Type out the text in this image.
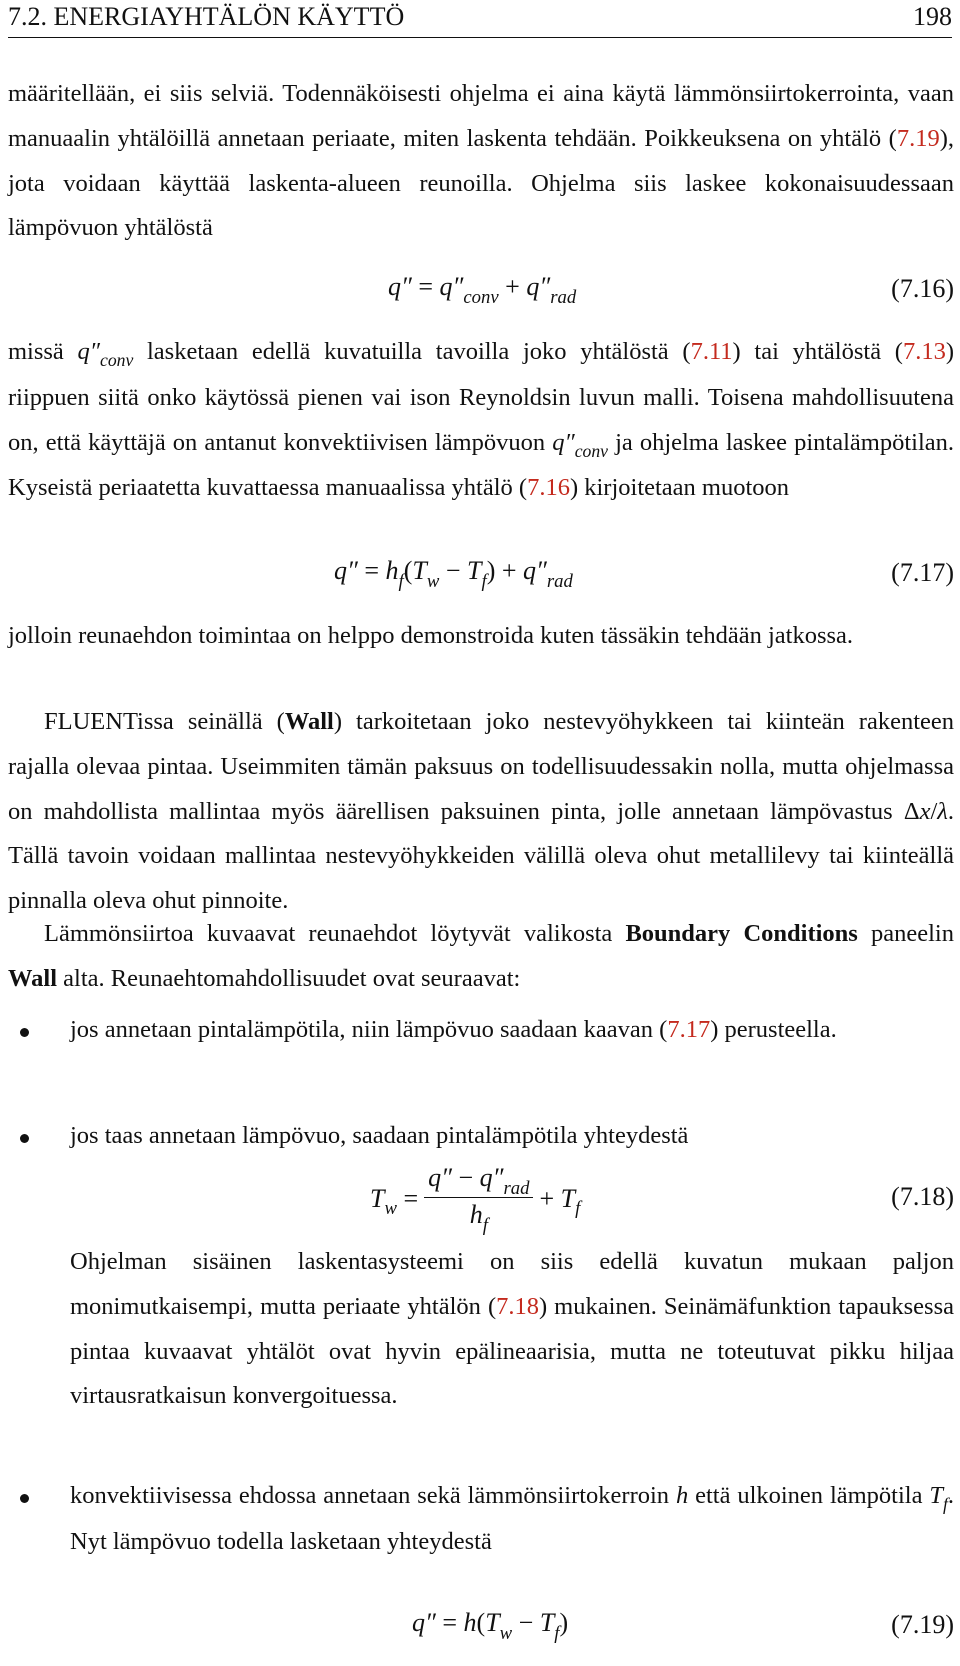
7.2. ENERGIAYHTÄLÖN KÄYTTÖ	198
määritellään, ei siis selviä. Todennäköisesti ohjelma ei aina käytä lämmönsiirtokerrointa, vaan manuaalin yhtälöillä annetaan periaate, miten laskenta tehdään. Poikkeuksena on yhtälö (7.19), jota voidaan käyttää laskenta-alueen reunoilla. Ohjelma siis laskee kokonaisuudessaan lämpövuon yhtälöstä
$q'' = q''_{conv} + q''_{rad}$	(7.16)
missä $q''_{conv}$ lasketaan edellä kuvatuilla tavoilla joko yhtälöstä (7.11) tai yhtälöstä (7.13) riippuen siitä onko käytössä pienen vai ison Reynoldsin luvun malli. Toisena mahdollisuutena on, että käyttäjä on antanut konvektiivisen lämpövuon $q''_{conv}$ ja ohjelma laskee pintalämpötilan. Kyseistä periaatetta kuvattaessa manuaalissa yhtälö (7.16) kirjoitetaan muotoon
$q'' = h_f(T_w - T_f) + q''_{rad}$	(7.17)
jolloin reunaehdon toimintaa on helppo demonstroida kuten tässäkin tehdään jatkossa.
FLUENTissa seinällä (Wall) tarkoitetaan joko nestevyöhykkeen tai kiinteän rakenteen rajalla olevaa pintaa. Useimmiten tämän paksuus on todellisuudessakin nolla, mutta ohjelmassa on mahdollista mallintaa myös äärellisen paksuinen pinta, jolle annetaan lämpövastus Δx/λ. Tällä tavoin voidaan mallintaa nestevyöhykkeiden välillä oleva ohut metallilevy tai kiinteällä pinnalla oleva ohut pinnoite.
Lämmönsiirtoa kuvaavat reunaehdot löytyvät valikosta Boundary Conditions paneelin Wall alta. Reunaehtomahdollisuudet ovat seuraavat:
jos annetaan pintalämpötila, niin lämpövuo saadaan kaavan (7.17) perusteella.
jos taas annetaan lämpövuo, saadaan pintalämpötila yhteydestä
$T_w = \frac{q'' - q''_{rad}}{h_f} + T_f$	(7.18)
Ohjelman sisäinen laskentasysteemi on siis edellä kuvatun mukaan paljon monimutkaisempi, mutta periaate yhtälön (7.18) mukainen. Seinämäfunktion tapauksessa pintaa kuvaavat yhtälöt ovat hyvin epälineaarisia, mutta ne toteutuvat pikku hiljaa virtausratkaisun konvergoituessa.
konvektiivisessa ehdossa annetaan sekä lämmönsiirtokerroin h että ulkoinen lämpötila $T_f$. Nyt lämpövuo todella lasketaan yhteydestä
$q'' = h(T_w - T_f)$	(7.19)
